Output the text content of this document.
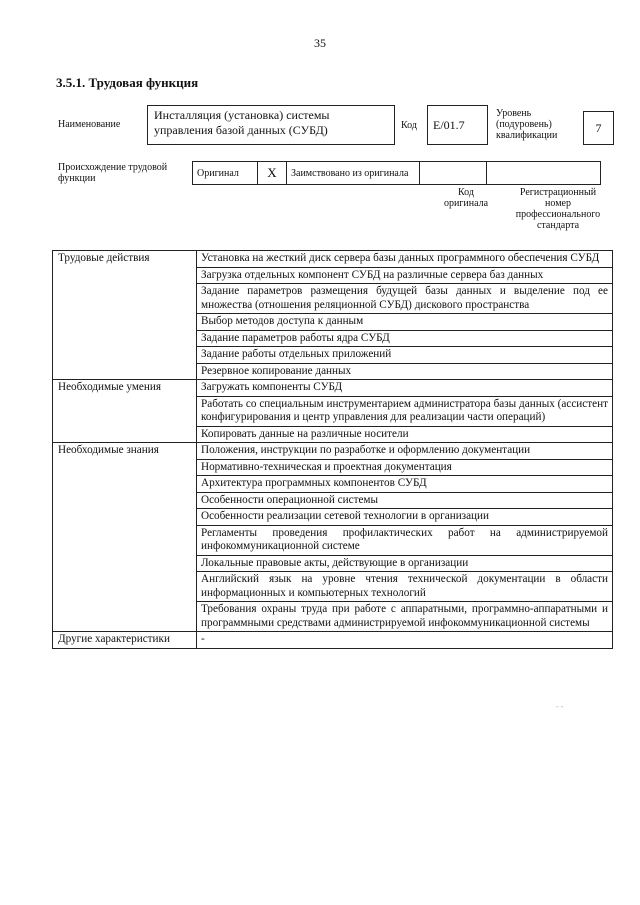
35
3.5.1. Трудовая функция
Наименование
Инсталляция (установка) системы управления базой данных (СУБД)	Код	E/01.7
Уровень (подуровень) квалификации
7
Происхождение трудовой функции	Оригинал	X	Заимствовано из оригинала		
Код оригинала
Регистрационный номер профессионального стандарта
Трудовые действия	Установка на жесткий диск сервера базы данных программного обеспечения СУБД
	Загрузка отдельных компонент СУБД на различные сервера баз данных
	Задание параметров размещения будущей базы данных и выделение под ее множества (отношения реляционной СУБД) дискового пространства
	Выбор методов доступа к данным
	Задание параметров работы ядра СУБД
	Задание работы отдельных приложений
	Резервное копирование данных
Необходимые умения	Загружать компоненты СУБД
	Работать со специальным инструментарием администратора базы данных (ассистент конфигурирования и центр управления для реализации части операций)
	Копировать данные на различные носители
Необходимые знания	Положения, инструкции по разработке и оформлению документации
	Нормативно-техническая и проектная документация
	Архитектура программных компонентов СУБД
	Особенности операционной системы
	Особенности реализации сетевой технологии в организации
	Регламенты проведения профилактических работ на администрируемой инфокоммуникационной системе
	Локальные правовые акты, действующие в организации
	Английский язык на уровне чтения технической документации в области информационных и компьютерных технологий
	Требования охраны труда при работе с аппаратными, программно-аппаратными и программными средствами администрируемой инфокоммуникационной системы
Другие характеристики	-
- -
